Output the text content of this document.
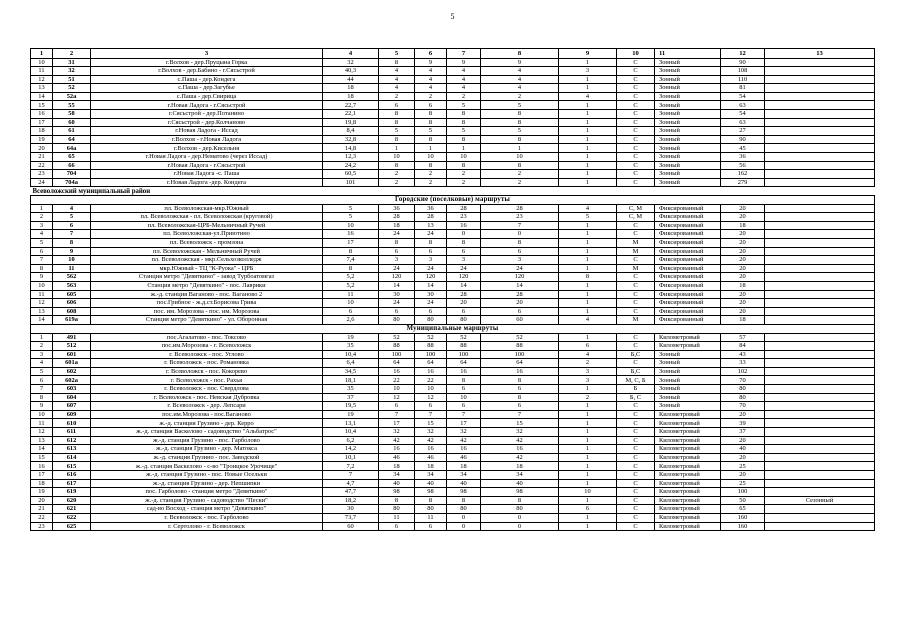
5
1	2	3	4	5	6	7	8	9	10	11	12	13
10	31	г.Волхов - дер.Пруцына Горка	32	8	9	9	9	1	С	Зонный	90	
11	32	г.Волхов - дер.Бабино - г.Сясьстрой	40,3	4	4	4	4	3	С	Зонный	108	
12	51	с.Паша - дер.Кондега	44	4	4	4	4	1	С	Зонный	110	
13	52	с.Паша - дер.Загубье	18	4	4	4	4	1	С	Зонный	81	
14	52а	с.Паша - дер.Свирица	18	2	2	2	2	4	С	Зонный	54	
15	55	г.Новая Ладога - г.Сясьстрой	22,7	6	6	5	5	1	С	Зонный	63	
16	58	г.Сясьстрой - дер.Потанино	22,1	8	8	8	8	1	С	Зонный	54	
17	60	г.Сясьстрой - дер.Колчаново	19,8	8	8	8	8	1	С	Зонный	63	
18	61	г.Новая Ладога - Иссад	8,4	5	5	5	5	1	С	Зонный	27	
19	64	г.Волхов - г.Новая Ладога	32,8	8	8	8	8	1	С	Зонный	90	
20	64а	г.Волхов - дер.Кисельня	14,8	1	1	1	1	1	С	Зонный	45	
21	65	г.Новая Ладога - дер.Нематово (через Иссад)	12,3	10	10	10	10	1	С	Зонный	36	
22	66	г.Новая Ладога - г.Сясьстрой	24,2	8	8	8	8	1	С	Зонный	56	
23	704	г.Новая Ладога -с. Паша	60,5	2	2	2	2	1	С	Зонный	162	
24	704а	г.Новая Ладога -дер. Кондега	101	2	2	2	2	1	С	Зонный	279	
Всеволожский муниципальный район												
Городские (поселковые) маршруты												
1	4	пл. Всеволожская-мкр.Южный	5	36	36	28	28	4	С, М	Фиксированный	20	
2	5	пл. Всеволожская - пл. Всеволожская (круговой)	5	28	28	23	23	5	С, М	Фиксированный	20	
3	6	пл. Всеволожская-ЦРБ-Мельничный Ручей	10	18	13	16	7	1	С	Фиксированный	18	
4	7	пл. Всеволожская-ул.Приютино	16	24	24	0	0	1	С	Фиксированный	20	
5	8	пл. Всеволожск - промзона	17	8	8	8	8	1	М	Фиксированный	20	
6	9	пл. Всеволожская - Мельничный Ручей	8	6	6	6	6	1	М	Фиксированный	20	
7	10	пл. Всеволожская - мкр.Сельхозколледж	7,4	3	3	3	3	1	С	Фиксированный	20	
8	11	мкр.Южный - ТЦ "К-Руока" - ЦРБ	8	24	24	24	24	1	М	Фиксированный	20	
9	562	Станция метро "Девяткино" - завод Турбоатомгаз	5,2	120	120	120	120	8	С	Фиксированный	20	
10	563	Станция метро "Девяткино" - пос. Лаврики	5,2	14	14	14	14	1	С	Фиксированный	18	
11	605	ж.-д. станция Ваганово - пос. Ваганово 2	11	30	30	28	28	1	С	Фиксированный	20	
12	606	пос.Грибное - ж.д.ст.Борисова Грива	10	24	24	20	20	1	С	Фиксированный	20	
13	608	пос. им. Морозова - пос. им. Морозова	6	6	6	6	6	1	С	Фиксированный	20	
14	619а	Станция метро "Девяткино" - ул. Оборонная	2,6	80	80	80	60	4	М	Фиксированный	18	
Муниципальные маршруты												
1	491	пос.Агалатово - пос. Токсово	19	52	52	52	52	1	С	Километровый	57	
2	512	пос.им.Морозова - г. Всеволожск	35	88	88	88	88	6	С	Километровый	84	
3	601	г. Всеволожск - пос. Углово	10,4	100	100	100	100	4	Б,С	Зонный	43	
4	601а	г. Всеволожск - пос. Романовка	6,4	64	64	64	64	2	С	Зонный	33	
5	602	г. Всеволожск - пос. Кокорево	34,5	16	16	16	16	3	Б,С	Зонный	102	
6	602а	г. Всеволожск - пос. Рахья	18,1	22	22	8	8	3	М, С, Б	Зонный	70	
7	603	г. Всеволожск - пос. Свердлова	35	10	10	6	6	1	Б	Зонный	80	
8	604	г. Всеволожск - пос. Невская Дубровка	37	12	12	10	8	2	Б, С	Зонный	80	
9	607	г. Всеволожск - дер. Лепсари	19,5	6	6	6	6	1	С	Зонный	70	
10	609	пос.им.Морозова - пос.Ваганово	19	7	7	7	7	1	С	Километровый	20	
11	610	ж.-д. станция Грузино - дер. Керро	13,1	17	15	17	15	1	С	Километровый	39	
12	611	ж.-д. станция Васкелово - садоводство "Альбатрос"	10,4	32	32	32	32	1	С	Километровый	37	
13	612	ж.-д. станция Грузино - пос. Гарболово	6,2	42	42	42	42	1	С	Километровый	20	
14	613	ж.-д. станция Грузино - дер. Матокса	14,2	16	16	16	16	1	С	Километровый	40	
15	614	ж.-д. станция Грузино - пос. Заводской	10,1	46	46	46	42	1	С	Километровый	20	
16	615	ж.-д. станция Васкелово - с-во "Троицкое Урочище"	7,2	18	18	18	18	1	С	Километровый	25	
17	616	ж.-д. станция Грузино - пос. Новые Осельки	7	34	34	34	34	1	С	Километровый	20	
18	617	ж.-д. станция Грузино - дер. Непшипки	4,7	40	40	40	40	1	С	Километровый	25	
19	619	пос. Гарболово - станция метро "Девяткино"	47,7	98	98	98	98	10	С	Километровый	100	
20	620	ж.-д. станция Грузино - садоводство "Пески"	18,2	8	8	8	8	1	С	Километровый	50	Сезонный
21	621	сад-во Восход - станция метро "Девяткино"	30	80	80	80	80	6	С	Километровый	65	
22	622	г. Всеволожск - пос. Гарболово	73,7	11	11	0	0	1	С	Километровый	160	
23	625	г. Сертолово - г. Всеволожск	60	6	6	0	0	1	С	Километровый	160	
